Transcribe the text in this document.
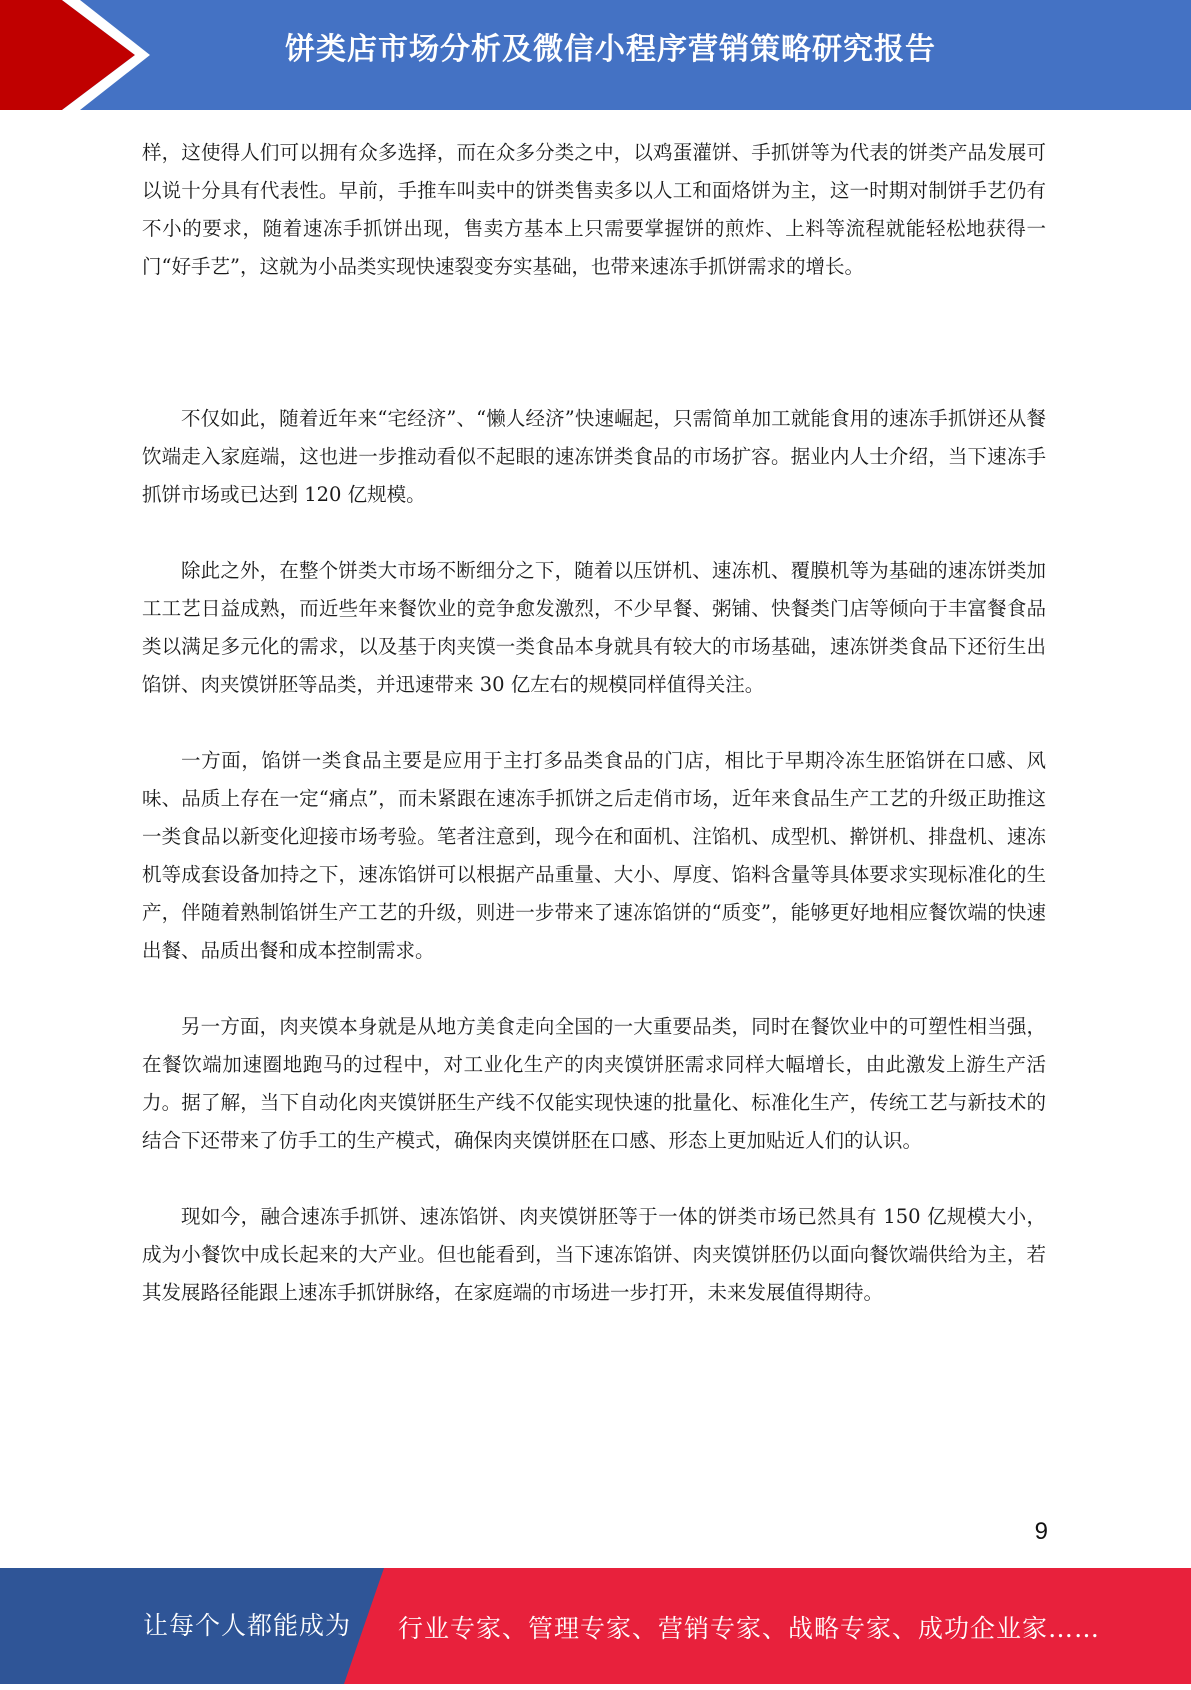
饼类店市场分析及微信小程序营销策略研究报告

样，这使得人们可以拥有众多选择，而在众多分类之中，以鸡蛋灌饼、手抓饼等为代表的饼类产品发展可以说十分具有代表性。早前，手推车叫卖中的饼类售卖多以人工和面烙饼为主，这一时期对制饼手艺仍有不小的要求，随着速冻手抓饼出现，售卖方基本上只需要掌握饼的煎炸、上料等流程就能轻松地获得一门“好手艺”，这就为小品类实现快速裂变夯实基础，也带来速冻手抓饼需求的增长。

不仅如此，随着近年来“宅经济”、“懒人经济”快速崛起，只需简单加工就能食用的速冻手抓饼还从餐饮端走入家庭端，这也进一步推动看似不起眼的速冻饼类食品的市场扩容。据业内人士介绍，当下速冻手抓饼市场或已达到 120 亿规模。

除此之外，在整个饼类大市场不断细分之下，随着以压饼机、速冻机、覆膜机等为基础的速冻饼类加工工艺日益成熟，而近些年来餐饮业的竞争愈发激烈，不少早餐、粥铺、快餐类门店等倾向于丰富餐食品类以满足多元化的需求，以及基于肉夹馍一类食品本身就具有较大的市场基础，速冻饼类食品下还衍生出馅饼、肉夹馍饼胚等品类，并迅速带来 30 亿左右的规模同样值得关注。

一方面，馅饼一类食品主要是应用于主打多品类食品的门店，相比于早期冷冻生胚馅饼在口感、风味、品质上存在一定“痛点”，而未紧跟在速冻手抓饼之后走俏市场，近年来食品生产工艺的升级正助推这一类食品以新变化迎接市场考验。笔者注意到，现今在和面机、注馅机、成型机、擀饼机、排盘机、速冻机等成套设备加持之下，速冻馅饼可以根据产品重量、大小、厚度、馅料含量等具体要求实现标准化的生产，伴随着熟制馅饼生产工艺的升级，则进一步带来了速冻馅饼的“质变”，能够更好地相应餐饮端的快速出餐、品质出餐和成本控制需求。

另一方面，肉夹馍本身就是从地方美食走向全国的一大重要品类，同时在餐饮业中的可塑性相当强，在餐饮端加速圈地跑马的过程中，对工业化生产的肉夹馍饼胚需求同样大幅增长，由此激发上游生产活力。据了解，当下自动化肉夹馍饼胚生产线不仅能实现快速的批量化、标准化生产，传统工艺与新技术的结合下还带来了仿手工的生产模式，确保肉夹馍饼胚在口感、形态上更加贴近人们的认识。

现如今，融合速冻手抓饼、速冻馅饼、肉夹馍饼胚等于一体的饼类市场已然具有 150 亿规模大小，成为小餐饮中成长起来的大产业。但也能看到，当下速冻馅饼、肉夹馍饼胚仍以面向餐饮端供给为主，若其发展路径能跟上速冻手抓饼脉络，在家庭端的市场进一步打开，未来发展值得期待。

9
让每个人都能成为 行业专家、管理专家、营销专家、战略专家、成功企业家……
